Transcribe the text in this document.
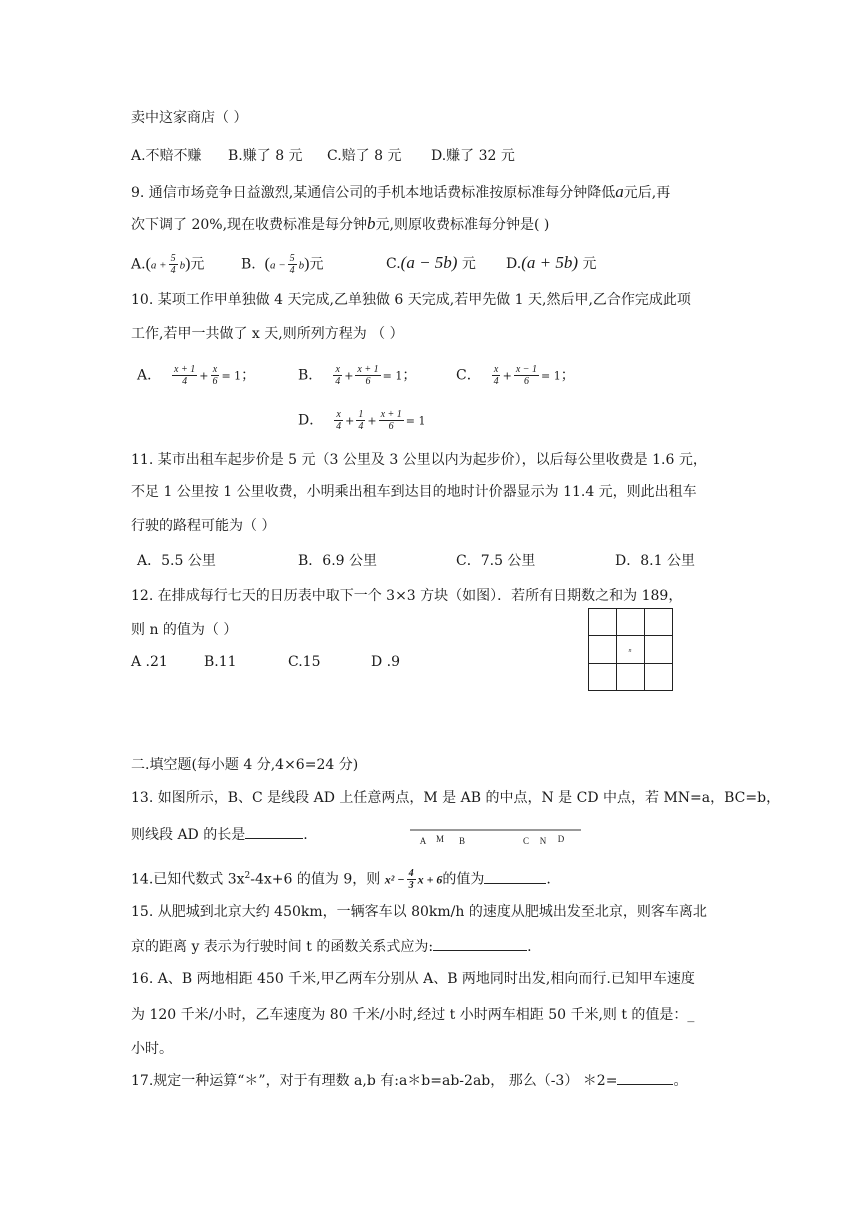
卖中这家商店（ ）
A.不赔不赚 B.赚了 8 元 C.赔了 8 元 D.赚了 32 元
9. 通信市场竞争日益激烈,某通信公司的手机本地话费标准按原标准每分钟降低a元后,再
次下调了 20%,现在收费标准是每分钟b元,则原收费标准每分钟是( )
$A.(a + \frac{5}{4} b)$元	B. $(a - \frac{5}{4} b)$元	C.(a − 5b) 元 D.(a + 5b) 元
10. 某项工作甲单独做 4 天完成,乙单独做 6 天完成,若甲先做 1 天,然后甲,乙合作完成此项
工作,若甲一共做了 x 天,则所列方程为 （ ）
A． $\frac{x + 1}{4} + \frac{x}{6} = 1$；	B． $\frac{x}{4} + \frac{x + 1}{6} = 1$；	C． $\frac{x}{4} + \frac{x - 1}{6} = 1$；
D． $\frac{x}{4} + \frac{1}{4} + \frac{x + 1}{6} = 1$
11. 某市出租车起步价是 5 元（3 公里及 3 公里以内为起步价），以后每公里收费是 1.6 元，
不足 1 公里按 1 公里收费，小明乘出租车到达目的地时计价器显示为 11.4 元，则此出租车
行驶的路程可能为（ ）
A．5.5 公里	B．6.9 公里	C．7.5 公里	D．8.1 公里
12. 在排成每行七天的日历表中取下一个 3×3 方块（如图）．若所有日期数之和为 189，
则 n 的值为（ ）
A .21	B.11	C.15	D .9
n
二.填空题(每小题 4 分,4×6=24 分)
13. 如图所示，B、C 是线段 AD 上任意两点，M 是 AB 的中点，N 是 CD 中点，若 MN=a，BC=b，
则线段 AD 的长是	.	A M B	C N D
14.已知代数式 $3x^2-4x+6$ 的值为 9，则 $x^2 - \frac{4}{3}$ x + 6的值为	.
15. 从肥城到北京大约 450km，一辆客车以 80km/h 的速度从肥城出发至北京，则客车离北
京的距离 y 表示为行驶时间 t 的函数关系式应为:	.
16. A、B 两地相距 450 千米,甲乙两车分别从 A、B 两地同时出发,相向而行.已知甲车速度
为 120 千米/小时，乙车速度为 80 千米/小时,经过 t 小时两车相距 50 千米,则 t 的值是：_
小时。
17.规定一种运算“＊”，对于有理数 a,b 有:a＊b=ab-2ab， 那么（-3） ＊2=	。
